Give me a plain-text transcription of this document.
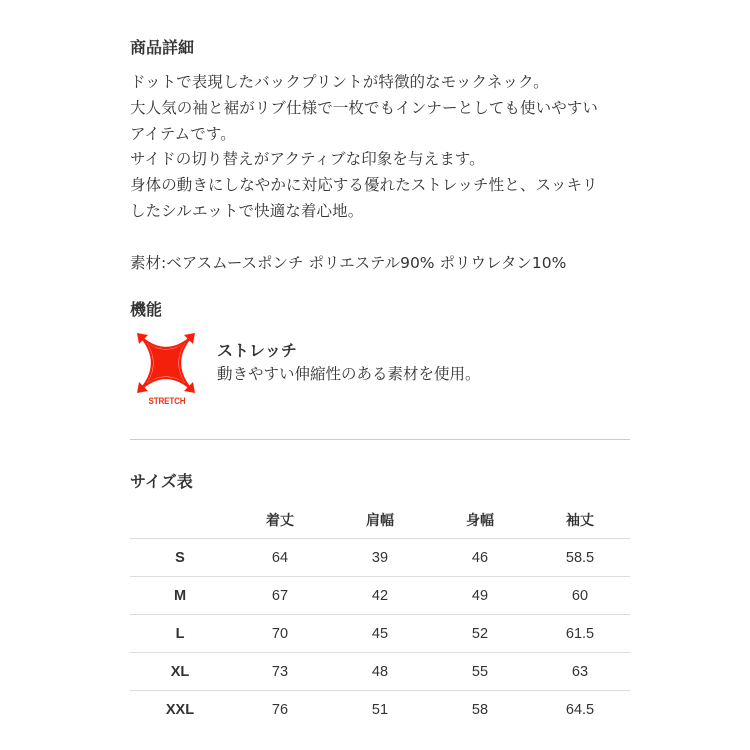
商品詳細
ドットで表現したバックプリントが特徴的なモックネック。
大人気の袖と裾がリブ仕様で一枚でもインナーとしても使いやすい
アイテムです。
サイドの切り替えがアクティブな印象を与えます。
身体の動きにしなやかに対応する優れたストレッチ性と、スッキリ
したシルエットで快適な着心地。
素材:ベアスムースポンチ ポリエステル90% ポリウレタン10%
機能
STRETCH
ストレッチ
動きやすい伸縮性のある素材を使用。
サイズ表
	着丈	肩幅	身幅	袖丈
S	64	39	46	58.5
M	67	42	49	60
L	70	45	52	61.5
XL	73	48	55	63
XXL	76	51	58	64.5
